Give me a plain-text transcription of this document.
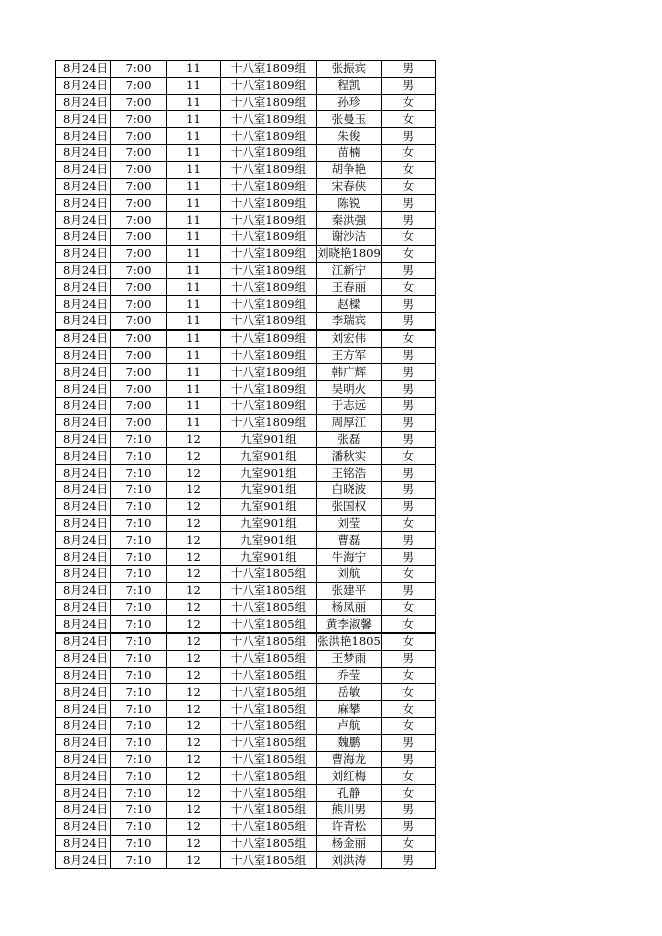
8月24日	7:00	11	十八室1809组	张振宾	男
8月24日	7:00	11	十八室1809组	程凯	男
8月24日	7:00	11	十八室1809组	孙珍	女
8月24日	7:00	11	十八室1809组	张曼玉	女
8月24日	7:00	11	十八室1809组	朱俊	男
8月24日	7:00	11	十八室1809组	苗楠	女
8月24日	7:00	11	十八室1809组	胡争艳	女
8月24日	7:00	11	十八室1809组	宋春侠	女
8月24日	7:00	11	十八室1809组	陈锐	男
8月24日	7:00	11	十八室1809组	秦洪强	男
8月24日	7:00	11	十八室1809组	谢沙洁	女
8月24日	7:00	11	十八室1809组	刘晓艳1809	女
8月24日	7:00	11	十八室1809组	江新宁	男
8月24日	7:00	11	十八室1809组	王春丽	女
8月24日	7:00	11	十八室1809组	赵樑	男
8月24日	7:00	11	十八室1809组	李瑞宾	男
8月24日	7:00	11	十八室1809组	刘宏伟	女
8月24日	7:00	11	十八室1809组	王方军	男
8月24日	7:00	11	十八室1809组	韩广辉	男
8月24日	7:00	11	十八室1809组	吴明火	男
8月24日	7:00	11	十八室1809组	于志远	男
8月24日	7:00	11	十八室1809组	周厚江	男
8月24日	7:10	12	九室901组	张磊	男
8月24日	7:10	12	九室901组	潘秋实	女
8月24日	7:10	12	九室901组	王铭浩	男
8月24日	7:10	12	九室901组	白晓波	男
8月24日	7:10	12	九室901组	张国权	男
8月24日	7:10	12	九室901组	刘莹	女
8月24日	7:10	12	九室901组	曹磊	男
8月24日	7:10	12	九室901组	牛海宁	男
8月24日	7:10	12	十八室1805组	刘航	女
8月24日	7:10	12	十八室1805组	张建平	男
8月24日	7:10	12	十八室1805组	杨凤丽	女
8月24日	7:10	12	十八室1805组	黄李淑馨	女
8月24日	7:10	12	十八室1805组	张洪艳1805	女
8月24日	7:10	12	十八室1805组	王梦雨	男
8月24日	7:10	12	十八室1805组	乔莹	女
8月24日	7:10	12	十八室1805组	岳敏	女
8月24日	7:10	12	十八室1805组	麻攀	女
8月24日	7:10	12	十八室1805组	卢航	女
8月24日	7:10	12	十八室1805组	魏鹏	男
8月24日	7:10	12	十八室1805组	曹海龙	男
8月24日	7:10	12	十八室1805组	刘红梅	女
8月24日	7:10	12	十八室1805组	孔静	女
8月24日	7:10	12	十八室1805组	熊川男	男
8月24日	7:10	12	十八室1805组	许青松	男
8月24日	7:10	12	十八室1805组	杨金丽	女
8月24日	7:10	12	十八室1805组	刘洪涛	男
